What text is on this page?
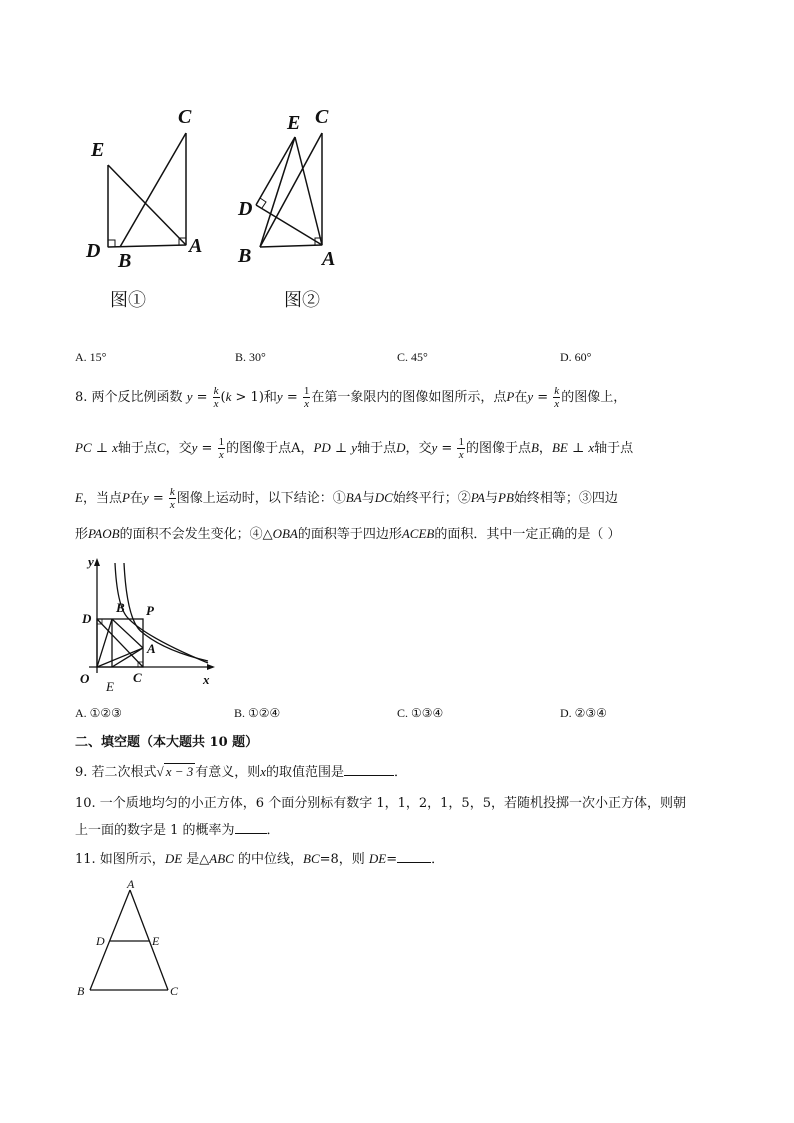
E
C
D B
A
图①
E C
D
B	A
图②
A. 15°	B. 30°	C. 45°	D. 60°
8. 两个反比例函数 $y = \frac{k}{x} (k > 1)$和$y = \frac{1}{x}$ 在第一象限内的图像如图所示，点P在$y = \frac{k}{x}$ 的图像上，
PC ⊥ x轴于点C，交$y = \frac{1}{x}$ 的图像于点A，PD ⊥ y轴于点D，交$y = \frac{1}{x}$ 的图像于点B，BE ⊥ x轴于点
E，当点P在$y = \frac{k}{x}$ 图像上运动时，以下结论：①BA与DC始终平行；②PA与PB始终相等；③四边
形PAOB的面积不会发生变化；④△OBA的面积等于四边形ACEB的面积．其中一定正确的是（ ）
y
D
B P
A
O	C
E	x
A. ①②③	B. ①②④	C. ①③④	D. ②③④
二、填空题（本大题共 10 题）
9. 若二次根式√ x − 3 有意义，则x的取值范围是	．
10. 一个质地均匀的小正方体，6 个面分别标有数字 1，1，2，1，5，5，若随机投掷一次小正方体，则朝
上一面的数字是 1 的概率为 ．
11. 如图所示，DE 是△ABC 的中位线，BC=8，则 DE=	．
A
D	E
B	C
